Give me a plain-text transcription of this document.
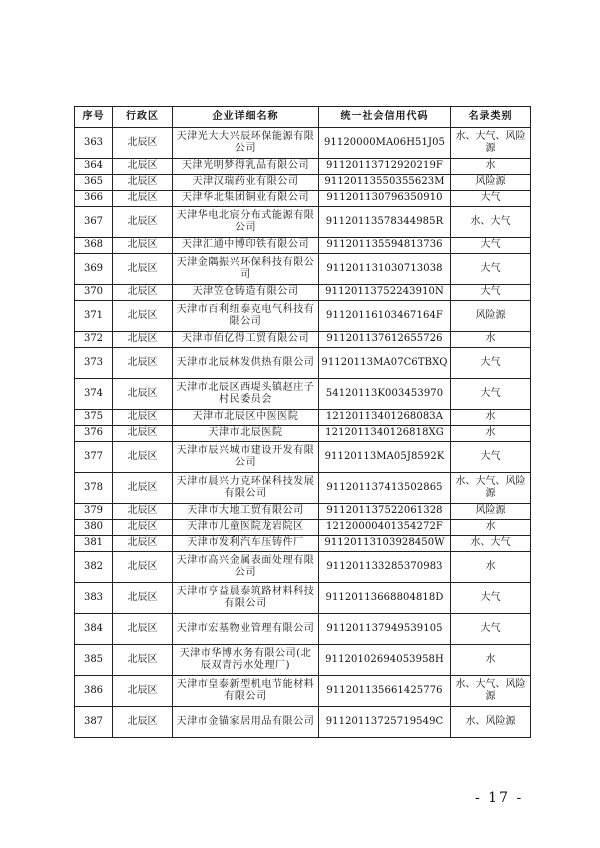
序号	行政区	企业详细名称	统一社会信用代码	名录类别
363	北辰区	天津光大大兴辰环保能源有限公司	91120000MA06H51J05	水、大气、风险源
364	北辰区	天津光明梦得乳品有限公司	91120113712920219F	水
365	北辰区	天津汉瑞药业有限公司	91120113550355623M	风险源
366	北辰区	天津华北集团铜业有限公司	911201130796350910	大气
367	北辰区	天津华电北宸分布式能源有限公司	91120113578344985R	水、大气
368	北辰区	天津汇通中博印铁有限公司	911201135594813736	大气
369	北辰区	天津金隅振兴环保科技有限公司	911201131030713038	大气
370	北辰区	天津笠仓铸造有限公司	91120113752243910N	大气
371	北辰区	天津市百利纽泰克电气科技有限公司	91120116103467164F	风险源
372	北辰区	天津市佰亿得工贸有限公司	911201137612655726	水
373	北辰区	天津市北辰林发供热有限公司	91120113MA07C6TBXQ	大气
374	北辰区	天津市北辰区西堤头镇赵庄子村民委员会	54120113K003453970	大气
375	北辰区	天津市北辰区中医医院	12120113401268083A	水
376	北辰区	天津市北辰医院	1212011340126818XG	水
377	北辰区	天津市辰兴城市建设开发有限公司	91120113MA05J8592K	大气
378	北辰区	天津市晨兴力克环保科技发展有限公司	911201137413502865	水、大气、风险源
379	北辰区	天津市大地工贸有限公司	911201137522061328	风险源
380	北辰区	天津市儿童医院龙岩院区	12120000401354272F	水
381	北辰区	天津市发利汽车压铸件厂	91120113103928450W	水、大气
382	北辰区	天津市高兴金属表面处理有限公司	911201133285370983	水
383	北辰区	天津市亨益晨泰筑路材料科技有限公司	91120113668804818D	大气
384	北辰区	天津市宏基物业管理有限公司	911201137949539105	大气
385	北辰区	天津市华博水务有限公司(北辰双青污水处理厂)	91120102694053958H	水
386	北辰区	天津市皇泰新型机电节能材料有限公司	911201135661425776	水、大气、风险源
387	北辰区	天津市金锚家居用品有限公司	91120113725719549C	水、风险源
- 17 -
